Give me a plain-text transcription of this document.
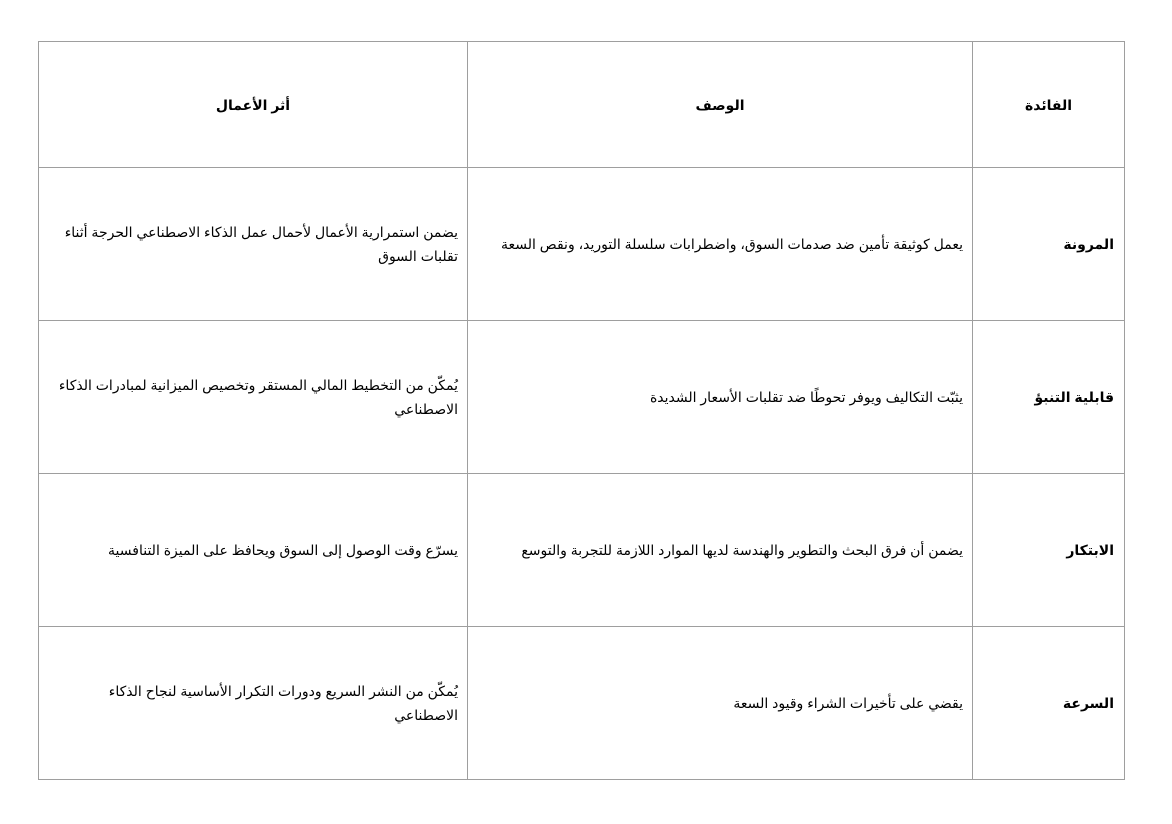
الفائدة	الوصف	أثر الأعمال
المرونة	يعمل كوثيقة تأمين ضد صدمات السوق، واضطرابات سلسلة التوريد، ونقص السعة	يضمن استمرارية الأعمال لأحمال عمل الذكاء الاصطناعي الحرجة أثناء تقلبات السوق
قابلية التنبؤ	يثبّت التكاليف ويوفر تحوطًا ضد تقلبات الأسعار الشديدة	يُمكّن من التخطيط المالي المستقر وتخصيص الميزانية لمبادرات الذكاء الاصطناعي
الابتكار	يضمن أن فرق البحث والتطوير والهندسة لديها الموارد اللازمة للتجربة والتوسع	يسرّع وقت الوصول إلى السوق ويحافظ على الميزة التنافسية
السرعة	يقضي على تأخيرات الشراء وقيود السعة	يُمكّن من النشر السريع ودورات التكرار الأساسية لنجاح الذكاء الاصطناعي
